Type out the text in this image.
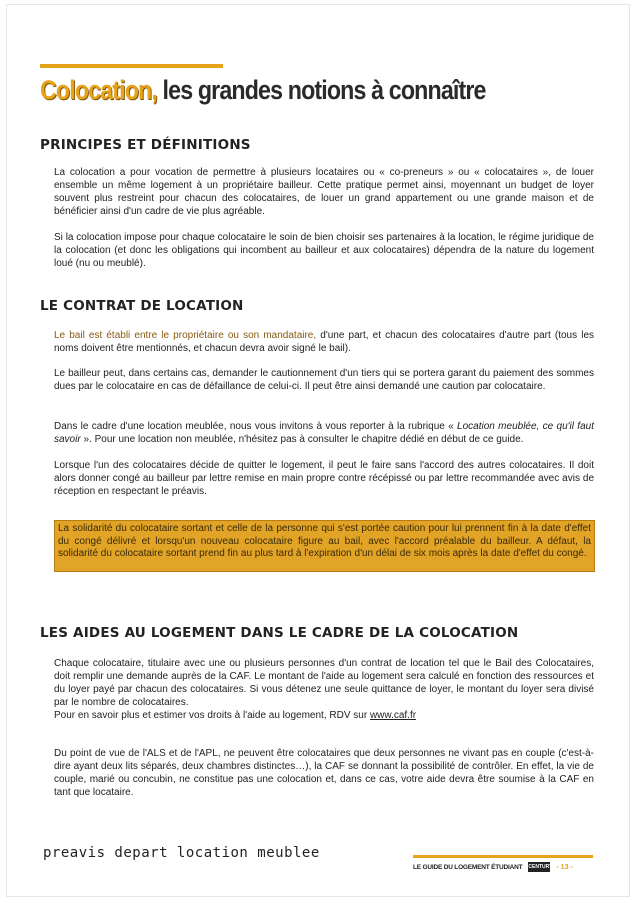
Colocation, les grandes notions à connaître
PRINCIPES ET DÉFINITIONS

La colocation a pour vocation de permettre à plusieurs locataires ou « co-preneurs » ou « colocataires », de louer ensemble un même logement à un propriétaire bailleur. Cette pratique permet ainsi, moyennant un budget de loyer souvent plus restreint pour chacun des colocataires, de louer un grand appartement ou une grande maison et de bénéficier ainsi d'un cadre de vie plus agréable.

Si la colocation impose pour chaque colocataire le soin de bien choisir ses partenaires à la location, le régime juridique de la colocation (et donc les obligations qui incombent au bailleur et aux colocataires) dépendra de la nature du logement loué (nu ou meublé).

LE CONTRAT DE LOCATION

Le bail est établi entre le propriétaire ou son mandataire, d'une part, et chacun des colocataires d'autre part (tous les noms doivent être mentionnés, et chacun devra avoir signé le bail).

Le bailleur peut, dans certains cas, demander le cautionnement d'un tiers qui se portera garant du paiement des sommes dues par le colocataire en cas de défaillance de celui-ci. Il peut être ainsi demandé une caution par colocataire.

Dans le cadre d'une location meublée, nous vous invitons à vous reporter à la rubrique « Location meublée, ce qu'il faut savoir ». Pour une location non meublée, n'hésitez pas à consulter le chapitre dédié en début de ce guide.

Lorsque l'un des colocataires décide de quitter le logement, il peut le faire sans l'accord des autres colocataires. Il doit alors donner congé au bailleur par lettre remise en main propre contre récépissé ou par lettre recommandée avec avis de réception en respectant le préavis.

La solidarité du colocataire sortant et celle de la personne qui s'est portée caution pour lui prennent fin à la date d'effet du congé délivré et lorsqu'un nouveau colocataire figure au bail, avec l'accord préalable du bailleur. A défaut, la solidarité du colocataire sortant prend fin au plus tard à l'expiration d'un délai de six mois après la date d'effet du congé.
LES AIDES AU LOGEMENT DANS LE CADRE DE LA COLOCATION

Chaque colocataire, titulaire avec une ou plusieurs personnes d'un contrat de location tel que le Bail des Colocataires, doit remplir une demande auprès de la CAF. Le montant de l'aide au logement sera calculé en fonction des ressources et du loyer payé par chacun des colocataires. Si vous détenez une seule quittance de loyer, le montant du loyer sera divisé par le nombre de colocataires.
Pour en savoir plus et estimer vos droits à l'aide au logement, RDV sur www.caf.fr

Du point de vue de l'ALS et de l'APL, ne peuvent être colocataires que deux personnes ne vivant pas en couple (c'est-à-dire ayant deux lits séparés, deux chambres distinctes…), la CAF se donnant la possibilité de contrôler. En effet, la vie de couple, marié ou concubin, ne constitue pas une colocation et, dans ce cas, votre aide devra être soumise à la CAF en tant que locataire.

preavis depart location meublee
LE GUIDE DU LOGEMENT ÉTUDIANT CENTURY - 13 -
